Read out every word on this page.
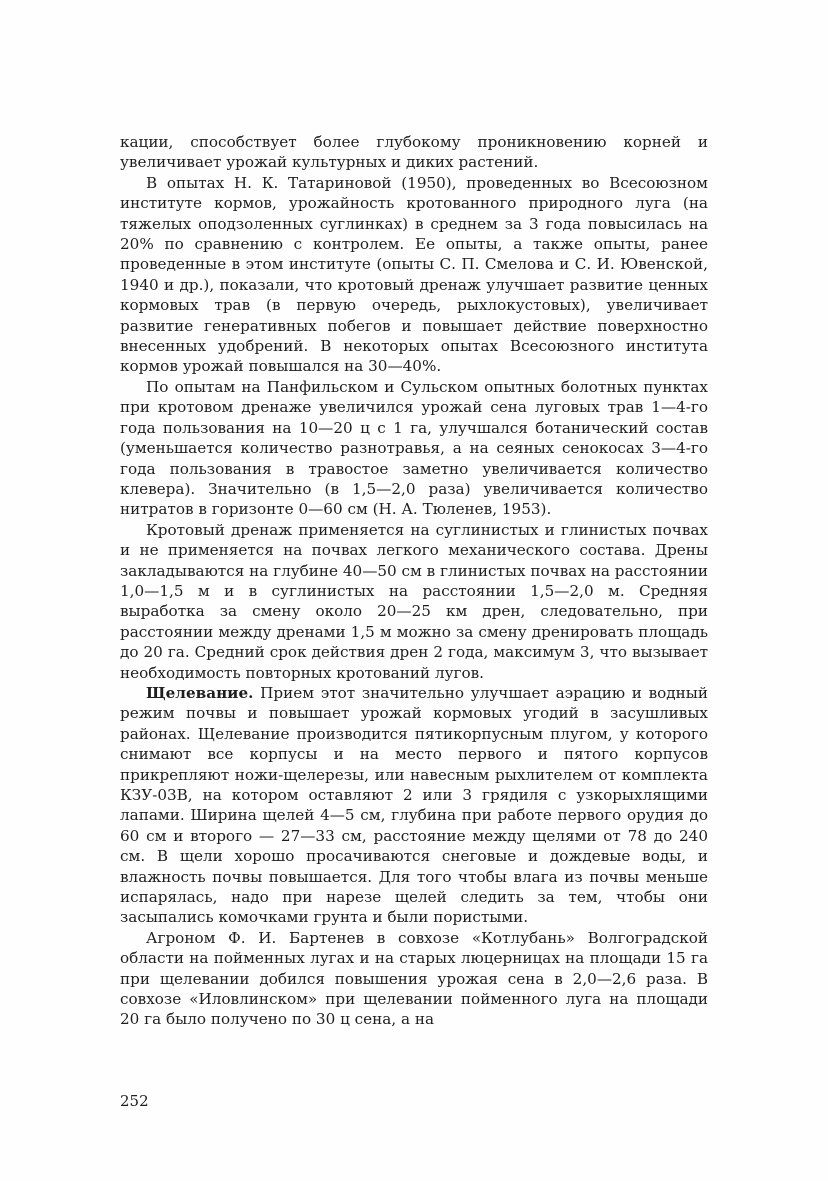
кации, способствует более глубокому проникновению корней и увеличивает урожай культурных и диких растений.

В опытах Н. К. Татариновой (1950), проведенных во Всесоюзном институте кормов, урожайность кротованного природного луга (на тяжелых оподзоленных суглинках) в среднем за 3 года повысилась на 20% по сравнению с контролем. Ее опыты, а также опыты, ранее проведенные в этом институте (опыты С. П. Смелова и С. И. Ювенской, 1940 и др.), показали, что кротовый дренаж улучшает развитие ценных кормовых трав (в первую очередь, рыхлокустовых), увеличивает развитие генеративных побегов и повышает действие поверхностно внесенных удобрений. В некоторых опытах Всесоюзного института кормов урожай повышался на 30—40%.

По опытам на Панфильском и Сульском опытных болотных пунктах при кротовом дренаже увеличился урожай сена луговых трав 1—4-го года пользования на 10—20 ц с 1 га, улучшался ботанический состав (уменьшается количество разнотравья, а на сеяных сенокосах 3—4-го года пользования в травостое заметно увеличивается количество клевера). Значительно (в 1,5—2,0 раза) увеличивается количество нитратов в горизонте 0—60 см (Н. А. Тюленев, 1953).

Кротовый дренаж применяется на суглинистых и глинистых почвах и не применяется на почвах легкого механического состава. Дрены закладываются на глубине 40—50 см в глинистых почвах на расстоянии 1,0—1,5 м и в суглинистых на расстоянии 1,5—2,0 м. Средняя выработка за смену около 20—25 км дрен, следовательно, при расстоянии между дренами 1,5 м можно за смену дренировать площадь до 20 га. Средний срок действия дрен 2 года, максимум 3, что вызывает необходимость повторных кротований лугов.

Щелевание. Прием этот значительно улучшает аэрацию и водный режим почвы и повышает урожай кормовых угодий в засушливых районах. Щелевание производится пятикорпусным плугом, у которого снимают все корпусы и на место первого и пятого корпусов прикрепляют ножи-щелерезы, или навесным рыхлителем от комплекта КЗУ-03В, на котором оставляют 2 или 3 грядиля с узкорыхлящими лапами. Ширина щелей 4—5 см, глубина при работе первого орудия до 60 см и второго — 27—33 см, расстояние между щелями от 78 до 240 см. В щели хорошо просачиваются снеговые и дождевые воды, и влажность почвы повышается. Для того чтобы влага из почвы меньше испарялась, надо при нарезе щелей следить за тем, чтобы они засыпались комочками грунта и были пористыми.

Агроном Ф. И. Бартенев в совхозе «Котлубань» Волгоградской области на пойменных лугах и на старых люцерницах на площади 15 га при щелевании добился повышения урожая сена в 2,0—2,6 раза. В совхозе «Иловлинском» при щелевании пойменного луга на площади 20 га было получено по 30 ц сена, а на

252
